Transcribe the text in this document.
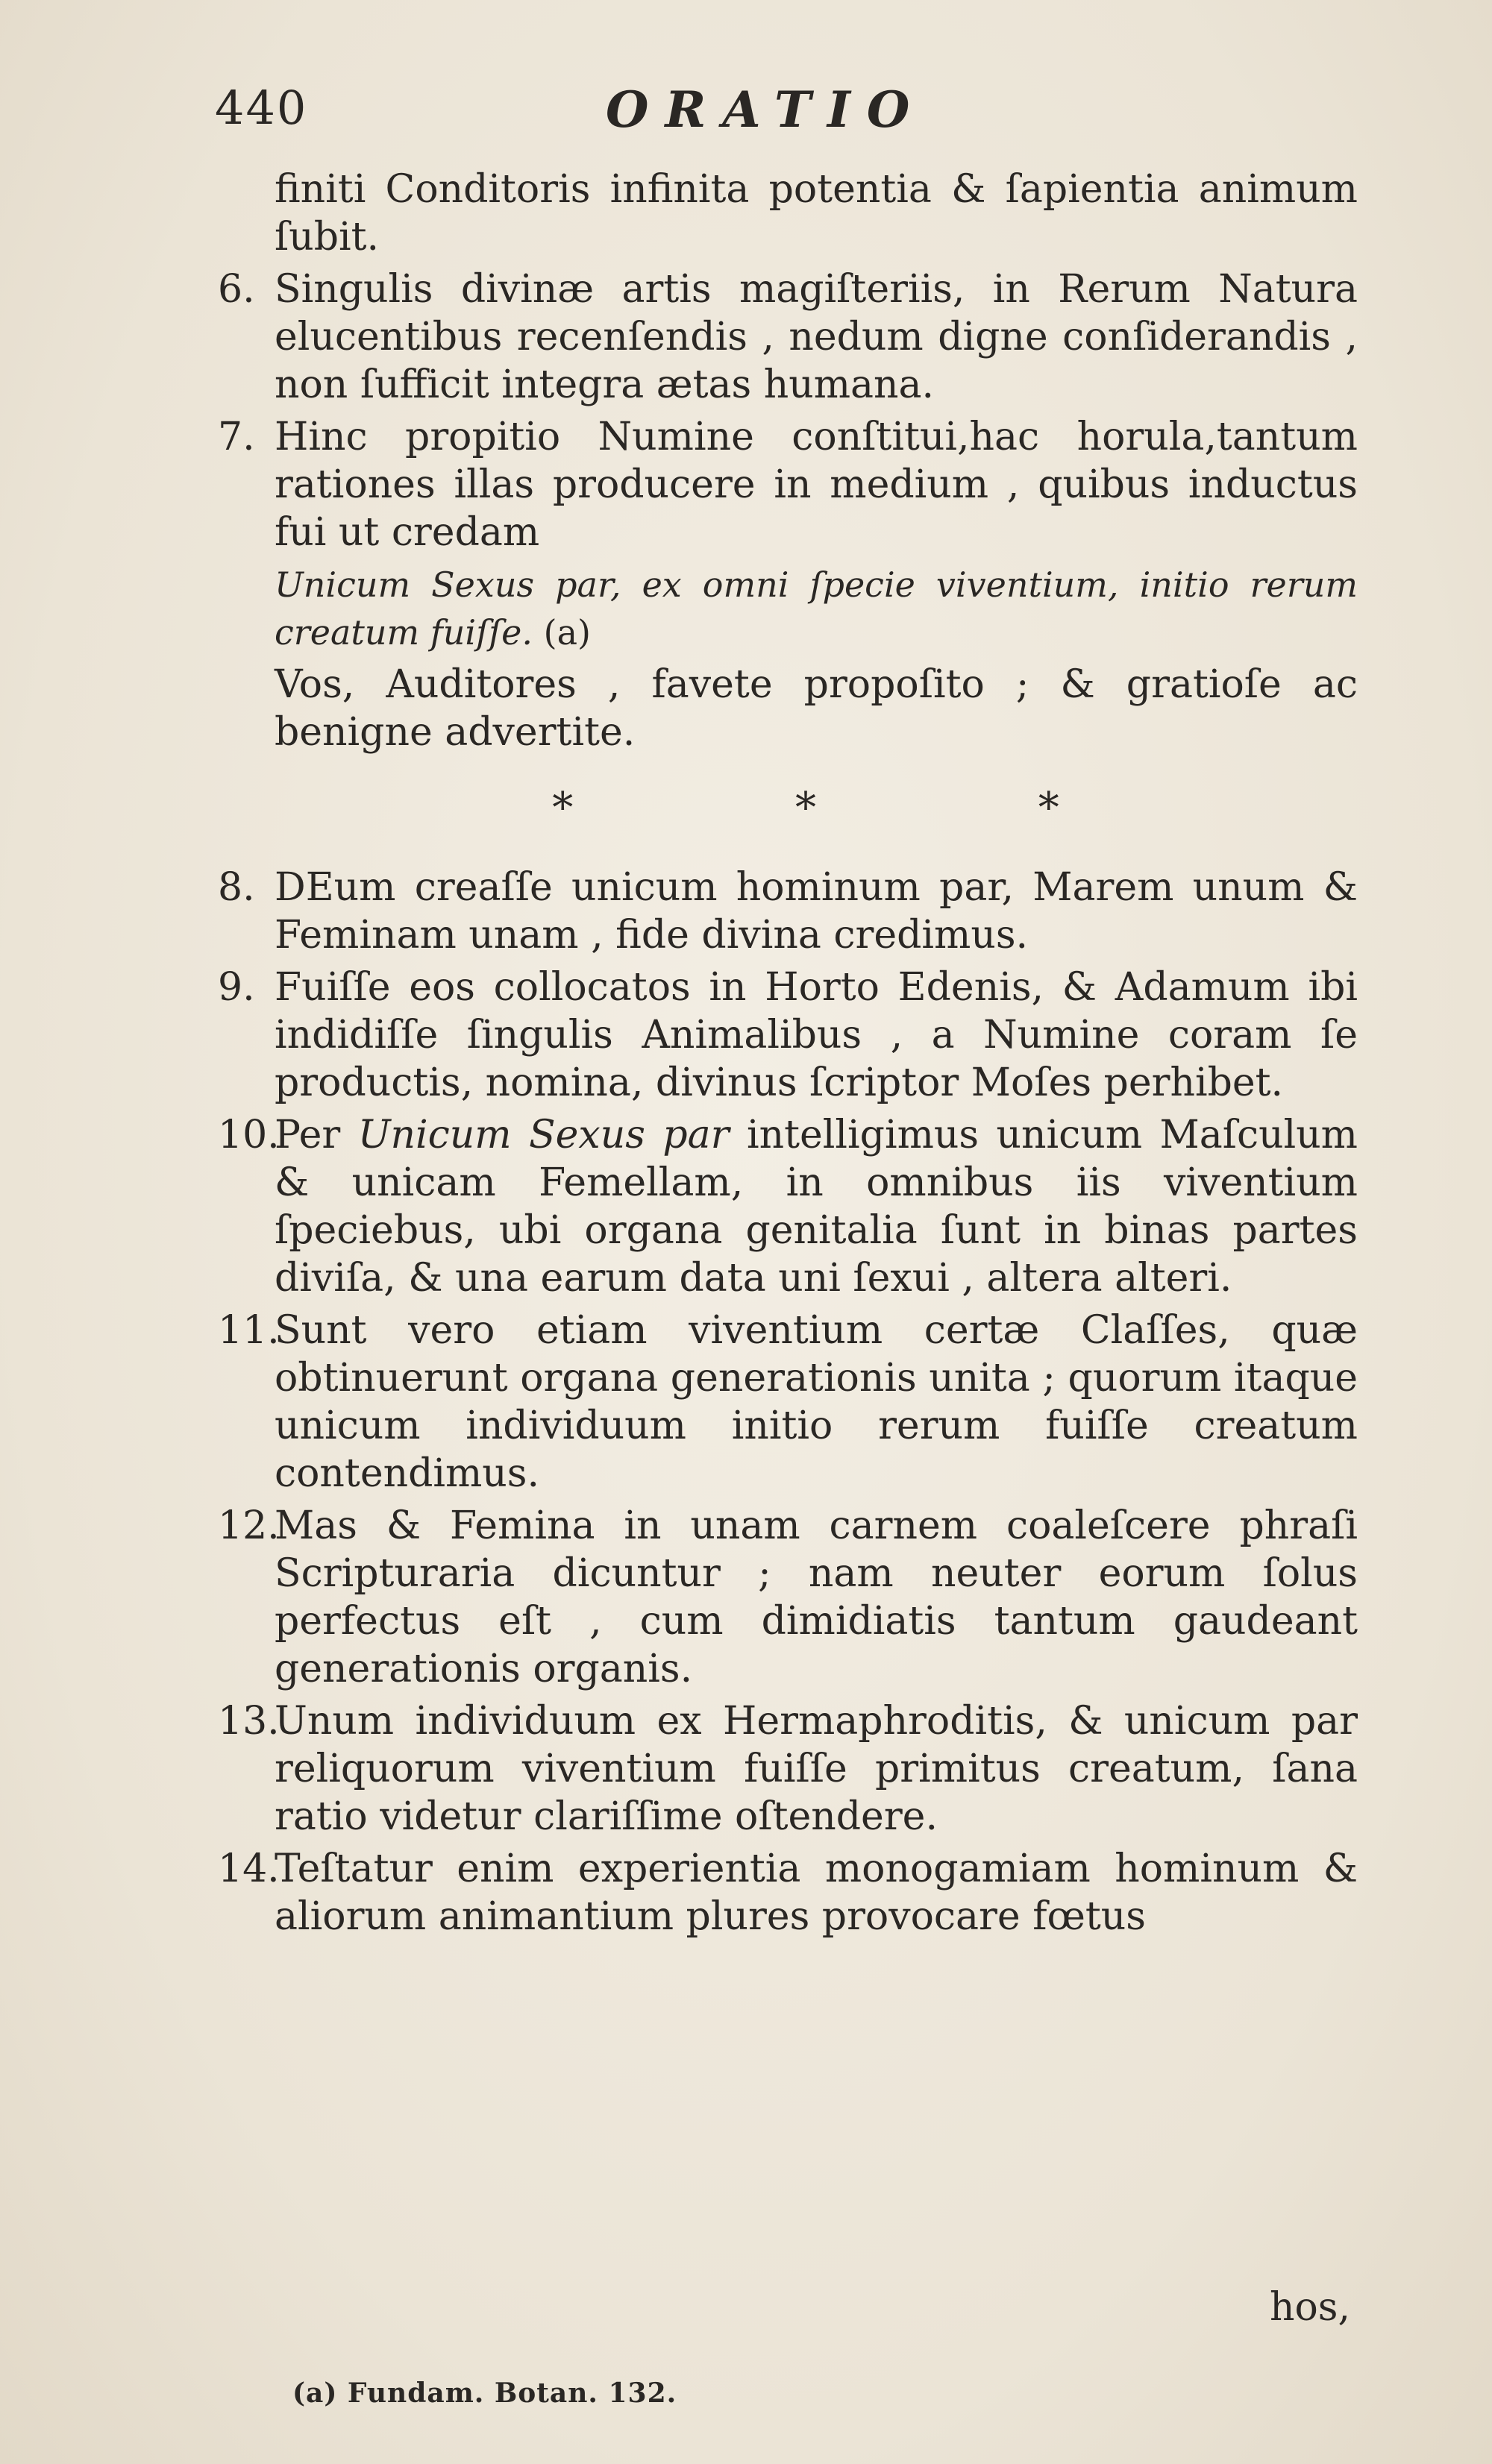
440	ORATIO
finiti Conditoris infinita potentia & ſapientia animum ſubit.
6. Singulis divinæ artis magiſteriis, in Rerum Natura elucentibus recenſendis , nedum digne conſiderandis , non ſufficit integra ætas humana.
7. Hinc propitio Numine conſtitui,hac horula,tantum rationes illas producere in medium , quibus inductus fui ut credam
Unicum Sexus par, ex omni ſpecie viventium, initio rerum creatum fuiſſe. (a)
Vos, Auditores , favete propoſito ; & gratioſe ac benigne advertite.
* * *
8. DEum creaſſe unicum hominum par, Marem unum & Feminam unam , fide divina credimus.
9. Fuiſſe eos collocatos in Horto Edenis, & Adamum ibi indidiſſe ſingulis Animalibus , a Numine coram ſe productis, nomina, divinus ſcriptor Moſes perhibet.
10.
Per Unicum Sexus par intelligimus unicum Maſculum & unicam Femellam, in omnibus iis viventium ſpeciebus, ubi organa genitalia ſunt in binas partes diviſa, & una earum data uni ſexui , altera alteri.
11.
Sunt vero etiam viventium certæ Claſſes, quæ obtinuerunt organa generationis unita ; quorum itaque unicum individuum initio rerum fuiſſe creatum contendimus.
12.
Mas & Femina in unam carnem coaleſcere phraſi Scripturaria dicuntur ; nam neuter eorum ſolus perfectus eſt , cum dimidiatis tantum gaudeant generationis organis.
13.
Unum individuum ex Hermaphroditis, & unicum par reliquorum viventium fuiſſe primitus creatum, ſana ratio videtur clariſſime oſtendere.
14.
Teſtatur enim experientia monogamiam hominum & aliorum animantium plures provocare fœtus
hos,
(a) Fundam. Botan. 132.
